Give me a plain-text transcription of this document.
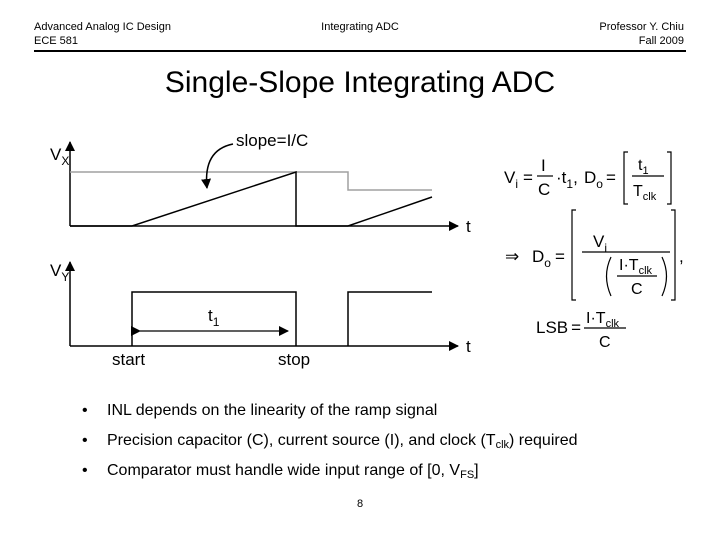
Advanced Analog IC Design
ECE 581
Integrating ADC	Professor Y. Chiu
Fall 2009
Single-Slope Integrating ADC
$V_X$
slope=I/C
t
$V_Y$
$t_1$
t
start	stop
$V_i$ =
I
C
$\cdot t_1$, $D_o$ =
$t_1$
$T_{clk}$
⇒ $D_o$ =
$V_i$
$I\cdot T_{clk}$
C
,
LSB = $I\cdot T_{clk}$
C
• INL depends on the linearity of the ramp signal
• Precision capacitor (C), current source (I), and clock $(T_{clk})$ required
• Comparator must handle wide input range of [0, $V_{FS}$]
8
